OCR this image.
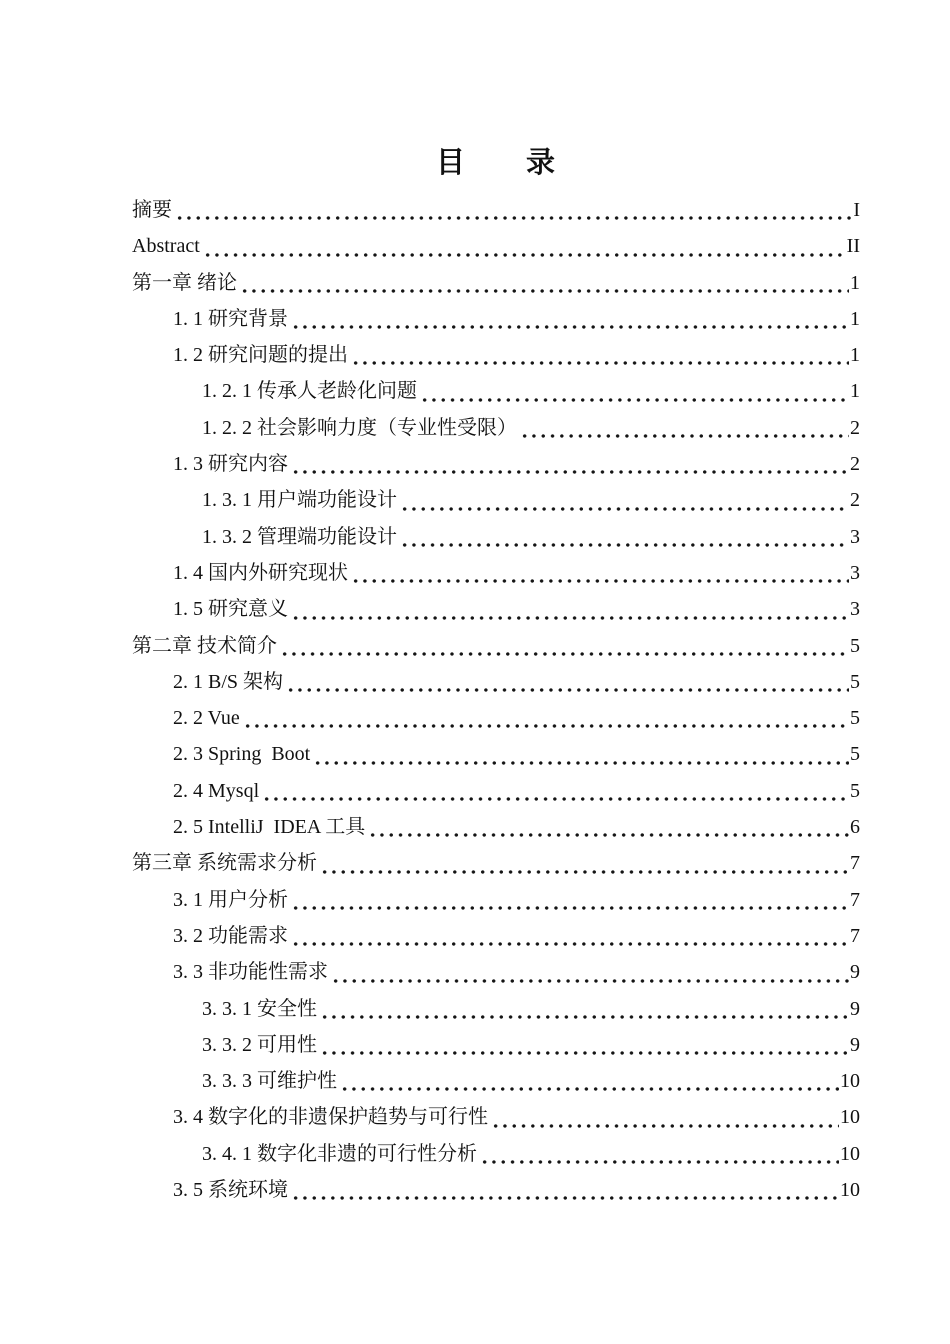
目　　录
摘要	I
Abstract	II
第一章 绪论	1
1. 1 研究背景	1
1. 2 研究问题的提出	1
1. 2. 1 传承人老龄化问题	1
1. 2. 2 社会影响力度（专业性受限）	2
1. 3 研究内容	2
1. 3. 1 用户端功能设计	2
1. 3. 2 管理端功能设计	3
1. 4 国内外研究现状	3
1. 5 研究意义	3
第二章 技术简介	5
2. 1 B/S 架构	5
2. 2 Vue	5
2. 3 Spring  Boot	5
2. 4 Mysql	5
2. 5 IntelliJ  IDEA 工具	6
第三章 系统需求分析	7
3. 1 用户分析	7
3. 2 功能需求	7
3. 3 非功能性需求	9
3. 3. 1 安全性	9
3. 3. 2 可用性	9
3. 3. 3 可维护性	10
3. 4 数字化的非遗保护趋势与可行性	10
3. 4. 1 数字化非遗的可行性分析	10
3. 5 系统环境	10
